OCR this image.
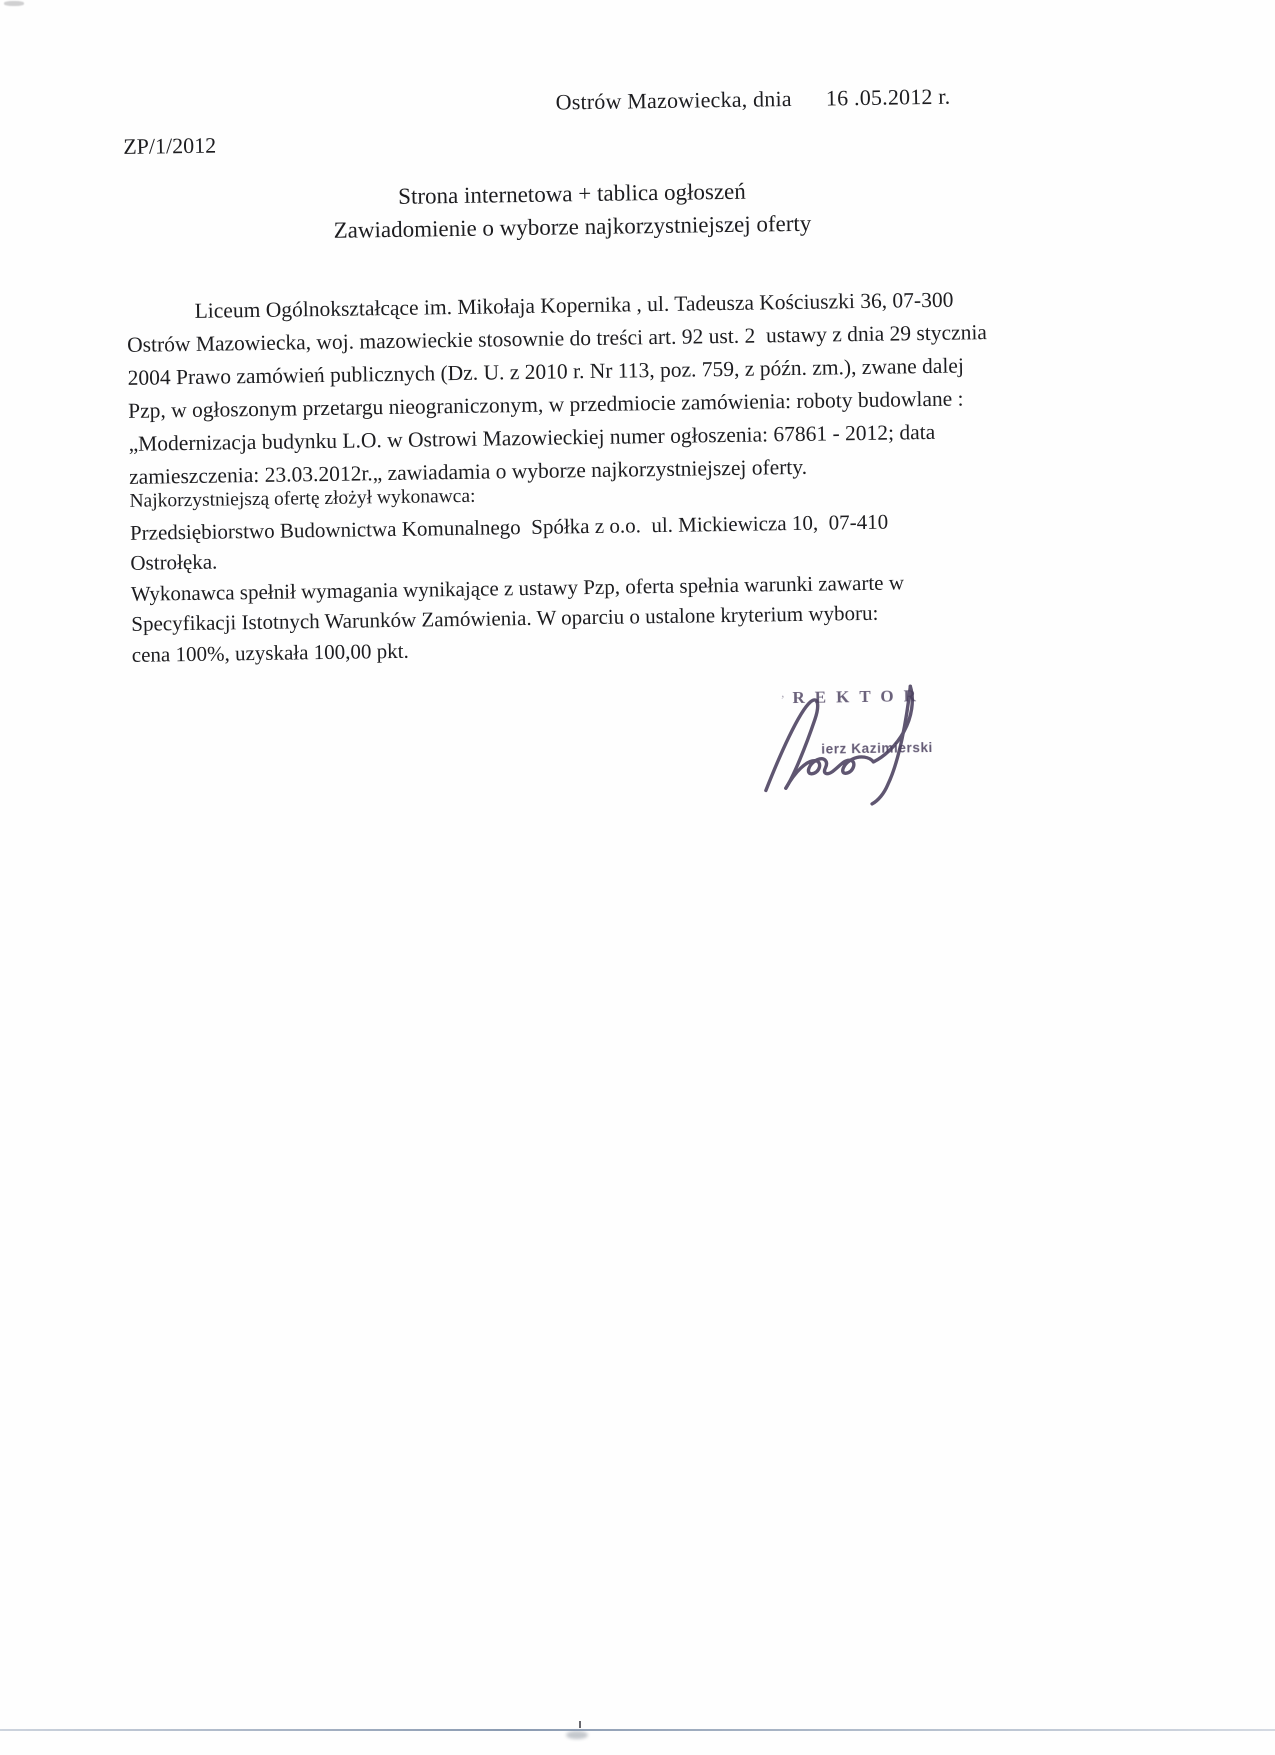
Ostrów Mazowiecka, dnia      16 .05.2012 r.
ZP/1/2012
Strona internetowa + tablica ogłoszeń
Zawiadomienie o wyborze najkorzystniejszej oferty
Liceum Ogólnokształcące im. Mikołaja Kopernika , ul. Tadeusza Kościuszki 36, 07-300
Ostrów Mazowiecka, woj. mazowieckie stosownie do treści art. 92 ust. 2  ustawy z dnia 29 stycznia
2004 Prawo zamówień publicznych (Dz. U. z 2010 r. Nr 113, poz. 759, z późn. zm.), zwane dalej
Pzp, w ogłoszonym przetargu nieograniczonym, w przedmiocie zamówienia: roboty budowlane :
„Modernizacja budynku L.O. w Ostrowi Mazowieckiej numer ogłoszenia: 67861 - 2012; data
zamieszczenia: 23.03.2012r.„ zawiadamia o wyborze najkorzystniejszej oferty.
Najkorzystniejszą ofertę złożył wykonawca:
Przedsiębiorstwo Budownictwa Komunalnego  Spółka z o.o.  ul. Mickiewicza 10,  07-410
Ostrołęka.
Wykonawca spełnił wymagania wynikające z ustawy Pzp, oferta spełnia warunki zawarte w
Specyfikacji Istotnych Warunków Zamówienia. W oparciu o ustalone kryterium wyboru:
cena 100%, uzyskała 100,00 pkt.
’ REKTOR
ierz Kazimierski
